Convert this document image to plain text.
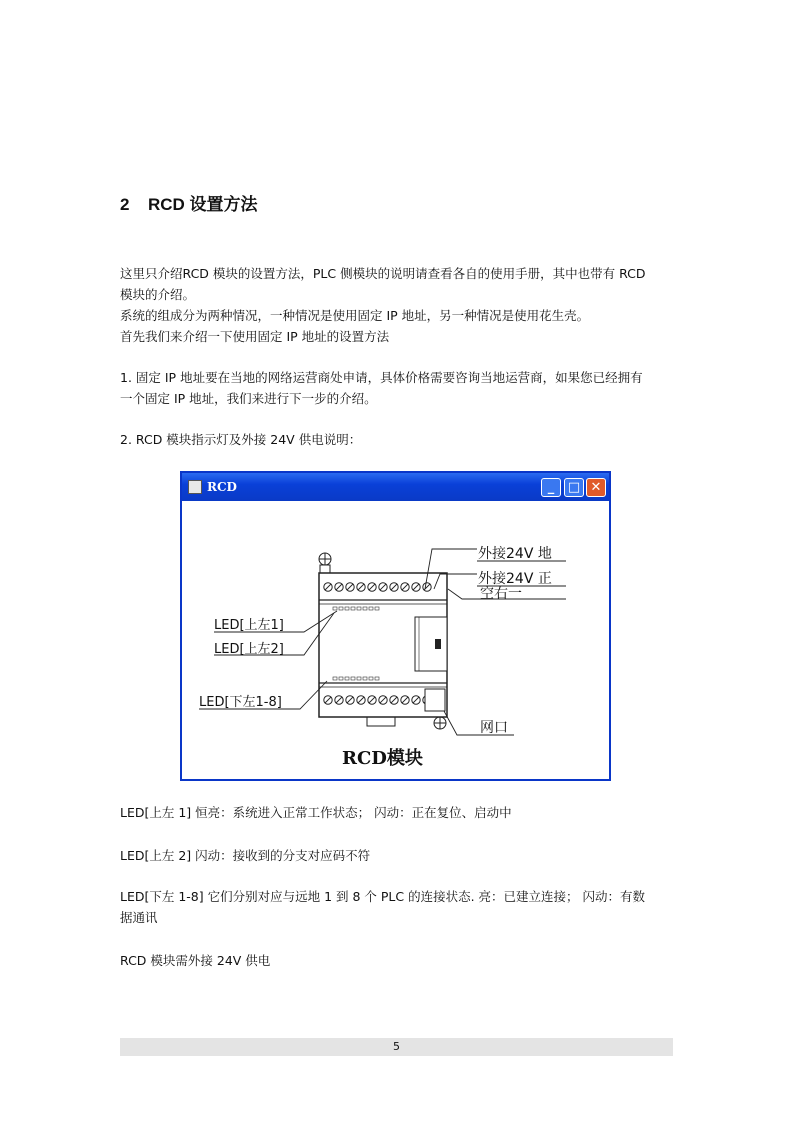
2 RCD 设置方法
这里只介绍RCD 模块的设置方法，PLC 侧模块的说明请查看各自的使用手册，其中也带有 RCD
模块的介绍。
系统的组成分为两种情况，一种情况是使用固定 IP 地址，另一种情况是使用花生壳。
首先我们来介绍一下使用固定 IP 地址的设置方法
1. 固定 IP 地址要在当地的网络运营商处申请，具体价格需要咨询当地运营商，如果您已经拥有
一个固定 IP 地址，我们来进行下一步的介绍。
2. RCD 模块指示灯及外接 24V 供电说明：
RCD	_	□ ✕
外接24V 地
外接24V 正
空右一
LED[上左1]
LED[上左2]
LED[下左1-8]
网口
RCD模块
LED[上左 1] 恒亮：系统进入正常工作状态； 闪动：正在复位、启动中
LED[上左 2] 闪动：接收到的分支对应码不符
LED[下左 1-8] 它们分别对应与远地 1 到 8 个 PLC 的连接状态. 亮：已建立连接； 闪动：有数
据通讯
RCD 模块需外接 24V 供电
5
